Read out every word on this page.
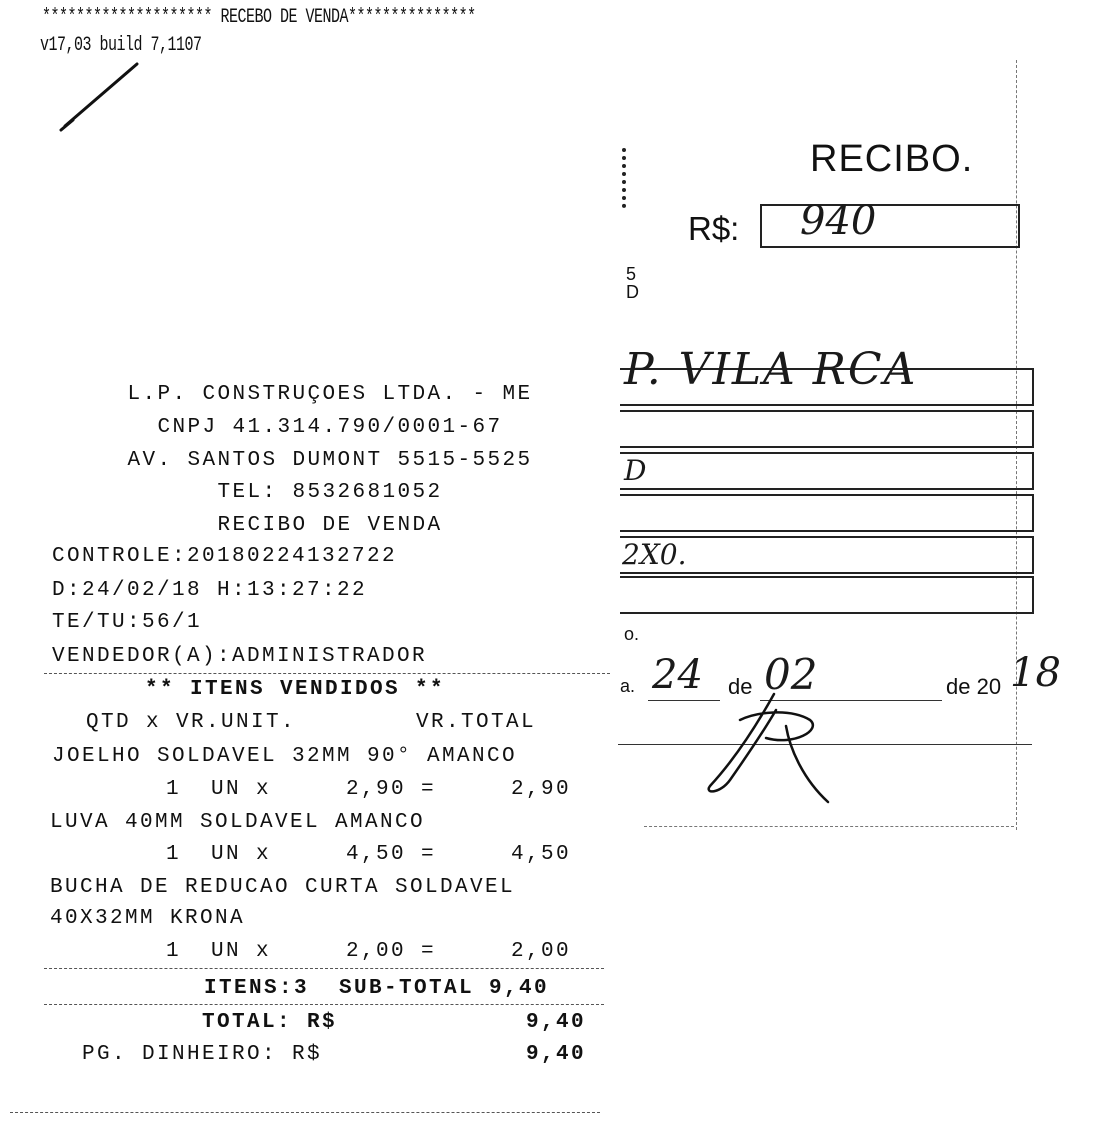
******************** RECEBO DE VENDA***************
v17,03 build 7,1107
L.P. CONSTRUÇOES LTDA. - ME
CNPJ 41.314.790/0001-67
AV. SANTOS DUMONT 5515-5525
TEL: 8532681052
RECIBO DE VENDA
CONTROLE:20180224132722
D:24/02/18 H:13:27:22
TE/TU:56/1
VENDEDOR(A):ADMINISTRADOR
** ITENS VENDIDOS **
QTD x VR.UNIT.        VR.TOTAL
JOELHO SOLDAVEL 32MM 90° AMANCO
1  UN x     2,90 =     2,90
LUVA 40MM SOLDAVEL AMANCO
1  UN x     4,50 =     4,50
BUCHA DE REDUCAO CURTA SOLDAVEL
40X32MM KRONA
1  UN x     2,00 =     2,00
ITENS:3  SUB-TOTAL 9,40
TOTAL: R$	9,40
PG. DINHEIRO: R$	9,40
RECIBO.
R$: 940
5
D
P. VILA RCA
D
2X0.
o.
a. 24 de 02	de 20 18
